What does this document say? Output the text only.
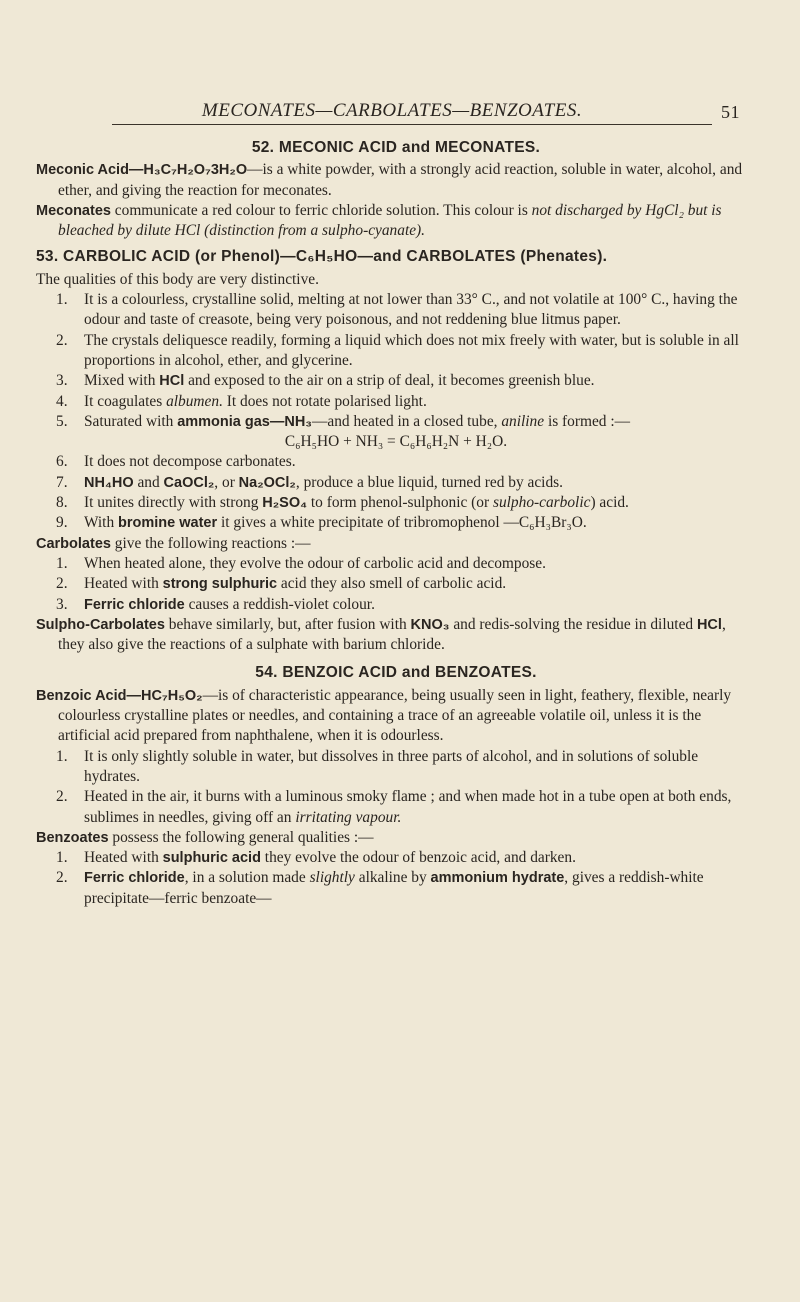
MECONATES—CARBOLATES—BENZOATES.	51
52. MECONIC ACID and MECONATES.

Meconic Acid—H₃C₇H₂O₇3H₂O—is a white powder, with a strongly acid reaction, soluble in water, alcohol, and ether, and giving the reaction for meconates.

Meconates communicate a red colour to ferric chloride solution. This colour is not discharged by HgCl₂ but is bleached by dilute HCl (distinction from a sulpho-cyanate).

53. CARBOLIC ACID (or Phenol)—C₆H₅HO—and CARBOLATES (Phenates).

The qualities of this body are very distinctive.

1. It is a colourless, crystalline solid, melting at not lower than 33° C., and not volatile at 100° C., having the odour and taste of creasote, being very poisonous, and not reddening blue litmus paper.
2. The crystals deliquesce readily, forming a liquid which does not mix freely with water, but is soluble in all proportions in alcohol, ether, and glycerine.
3. Mixed with HCl and exposed to the air on a strip of deal, it becomes greenish blue.
4. It coagulates albumen. It does not rotate polarised light.
5. Saturated with ammonia gas—NH₃—and heated in a closed tube, aniline is formed :—
C₆H₅HO + NH₃ = C₆H₆H₂N + H₂O.
6. It does not decompose carbonates.
7. NH₄HO and CaOCl₂, or Na₂OCl₂, produce a blue liquid, turned red by acids.
8. It unites directly with strong H₂SO₄ to form phenol-sulphonic (or sulpho-carbolic) acid.
9. With bromine water it gives a white precipitate of tribromophenol —C₆H₃Br₃O.

Carbolates give the following reactions :—

1. When heated alone, they evolve the odour of carbolic acid and decompose.
2. Heated with strong sulphuric acid they also smell of carbolic acid.
3. Ferric chloride causes a reddish-violet colour.

Sulpho-Carbolates behave similarly, but, after fusion with KNO₃ and redis-solving the residue in diluted HCl, they also give the reactions of a sulphate with barium chloride.

54. BENZOIC ACID and BENZOATES.

Benzoic Acid—HC₇H₅O₂—is of characteristic appearance, being usually seen in light, feathery, flexible, nearly colourless crystalline plates or needles, and containing a trace of an agreeable volatile oil, unless it is the artificial acid prepared from naphthalene, when it is odourless.

1. It is only slightly soluble in water, but dissolves in three parts of alcohol, and in solutions of soluble hydrates.
2. Heated in the air, it burns with a luminous smoky flame ; and when made hot in a tube open at both ends, sublimes in needles, giving off an irritating vapour.

Benzoates possess the following general qualities :—

1. Heated with sulphuric acid they evolve the odour of benzoic acid, and darken.
2. Ferric chloride, in a solution made slightly alkaline by ammonium hydrate, gives a reddish-white precipitate—ferric benzoate—
